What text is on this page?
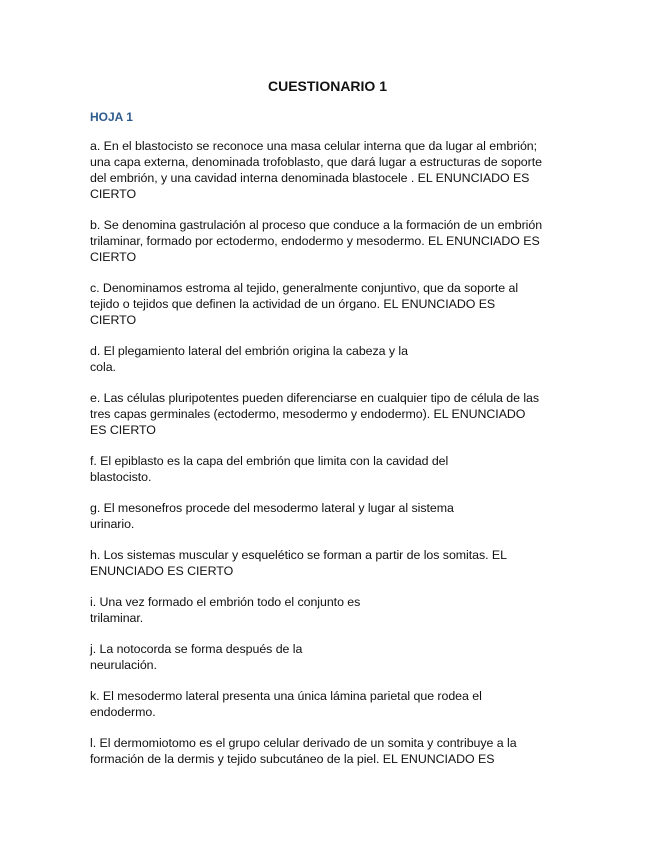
CUESTIONARIO 1
HOJA 1
a. En el blastocisto se reconoce una masa celular interna que da lugar al embrión;
una capa externa, denominada trofoblasto, que dará lugar a estructuras de soporte
del embrión, y una cavidad interna denominada blastocele . EL ENUNCIADO ES
CIERTO
b. Se denomina gastrulación al proceso que conduce a la formación de un embrión
trilaminar, formado por ectodermo, endodermo y mesodermo. EL ENUNCIADO ES
CIERTO
c. Denominamos estroma al tejido, generalmente conjuntivo, que da soporte al
tejido o tejidos que definen la actividad de un órgano. EL ENUNCIADO ES
CIERTO
d. El plegamiento lateral del embrión origina la cabeza y la
cola.
e. Las células pluripotentes pueden diferenciarse en cualquier tipo de célula de las
tres capas germinales (ectodermo, mesodermo y endodermo). EL ENUNCIADO
ES CIERTO
f. El epiblasto es la capa del embrión que limita con la cavidad del
blastocisto.
g. El mesonefros procede del mesodermo lateral y lugar al sistema
urinario.
h. Los sistemas muscular y esquelético se forman a partir de los somitas. EL
ENUNCIADO ES CIERTO
i. Una vez formado el embrión todo el conjunto es
trilaminar.
j. La notocorda se forma después de la
neurulación.
k. El mesodermo lateral presenta una única lámina parietal que rodea el
endodermo.
l. El dermomiotomo es el grupo celular derivado de un somita y contribuye a la
formación de la dermis y tejido subcutáneo de la piel. EL ENUNCIADO ES
